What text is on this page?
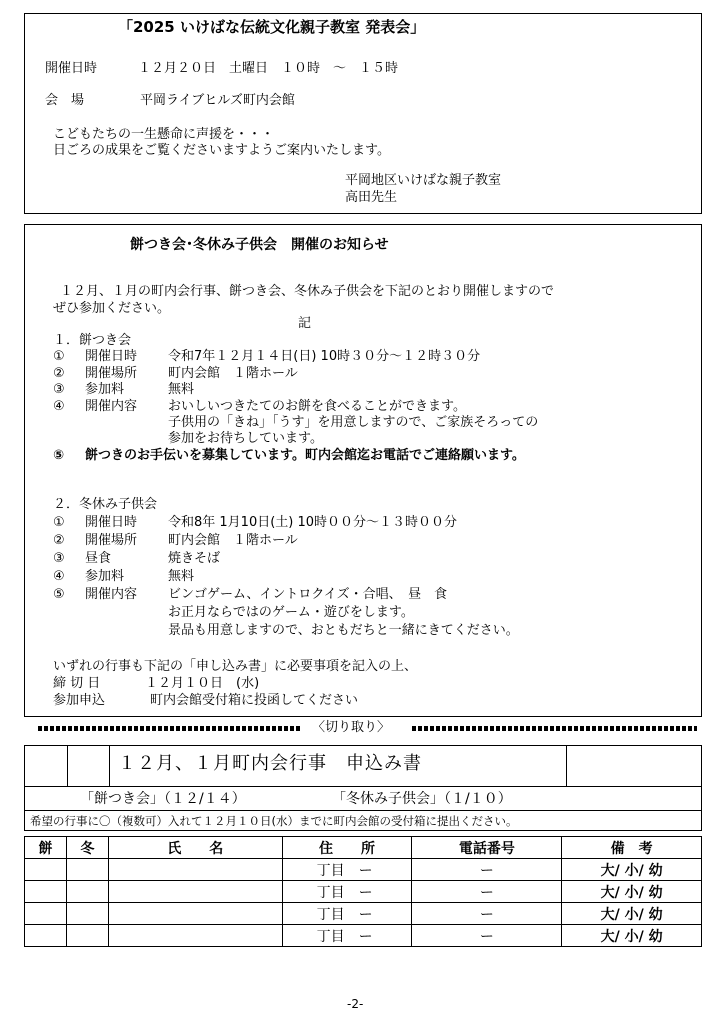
「2025 いけばな伝統文化親子教室 発表会」
開催日時	１２月２０日　土曜日　１０時　～　１５時
会　場	平岡ライブヒルズ町内会館
こどもたちの一生懸命に声援を・・・
日ごろの成果をご覧くださいますようご案内いたします。
平岡地区いけばな親子教室
高田先生
餅つき会･冬休み子供会　開催のお知らせ
１２月、１月の町内会行事、餅つき会、冬休み子供会を下記のとおり開催しますので
ぜひ参加ください。
記
１．餅つき会
① 開催日時 令和7年１２月１４日(日) 10時３０分～１２時３０分
② 開催場所 町内会館　１階ホール
③ 参加料	無料
④ 開催内容 おいしいつきたてのお餅を食べることができます。
子供用の「きね」「うす」を用意しますので、ご家族そろっての
参加をお待ちしています。
⑤ 餅つきのお手伝いを募集しています。町内会館迄お電話でご連絡願います。
２．冬休み子供会
① 開催日時 令和8年 1月10日(土) 10時００分～１３時００分
② 開催場所 町内会館　１階ホール
③ 昼食	焼きそば
④ 参加料	無料
⑤ 開催内容 ビンゴゲーム、イントロクイズ・合唱、　昼　食
お正月ならではのゲーム・遊びをします。
景品も用意しますので、おともだちと一緒にきてください。
いずれの行事も下記の「申し込み書」に必要事項を記入の上、
締 切 日	１２月１０日　(水)
参加申込	町内会館受付箱に投函してください
〈切り取り〉
１２月、１月町内会行事　申込み書
「餅つき会」（１２/１４）	「冬休み子供会」（１/１０）
希望の行事に〇（複数可）入れて１２月１０日(水）までに町内会館の受付箱に提出ください。
餅	冬	氏　　名	住　　所	電話番号	備　考
			丁目　ー	ー	大/ 小/ 幼
			丁目　ー	ー	大/ 小/ 幼
			丁目　ー	ー	大/ 小/ 幼
			丁目　ー	ー	大/ 小/ 幼
-2-
